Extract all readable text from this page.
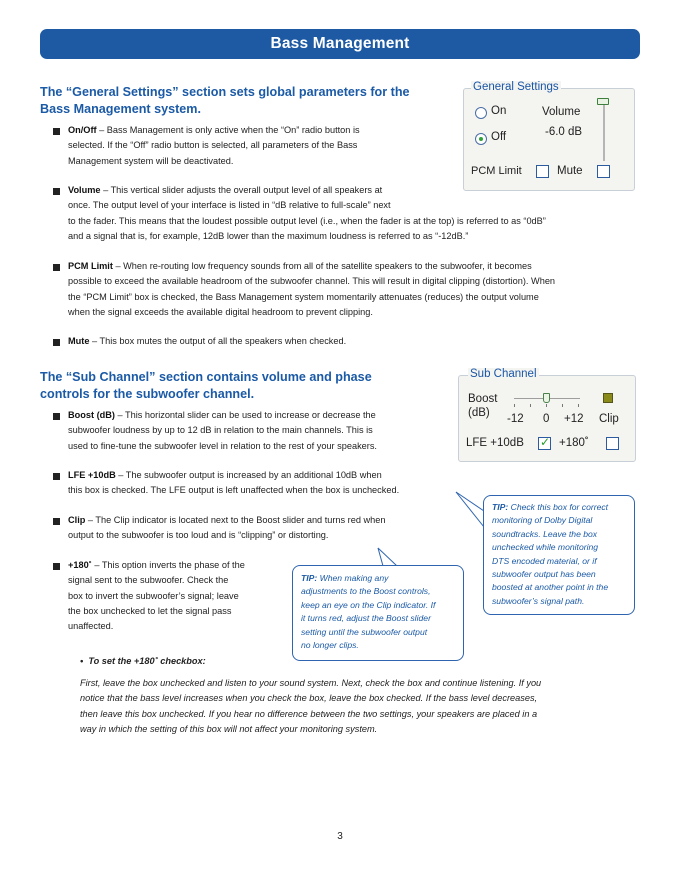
Bass Management
The “General Settings” section sets global parameters for the
Bass Management system.
General Settings
On
Off
Volume
-6.0 dB
PCM Limit	Mute
On/Off – Bass Management is only active when the “On” radio button is
selected. If the “Off” radio button is selected, all parameters of the Bass
Management system will be deactivated.
Volume – This vertical slider adjusts the overall output level of all speakers at
once. The output level of your interface is listed in “dB relative to full-scale” next
to the fader. This means that the loudest possible output level (i.e., when the fader is at the top) is referred to as “0dB”
and a signal that is, for example, 12dB lower than the maximum loudness is referred to as “-12dB.”
PCM Limit – When re-routing low frequency sounds from all of the satellite speakers to the subwoofer, it becomes
possible to exceed the available headroom of the subwoofer channel. This will result in digital clipping (distortion). When
the “PCM Limit” box is checked, the Bass Management system momentarily attenuates (reduces) the output volume
when the signal exceeds the available digital headroom to prevent clipping.
Mute – This box mutes the output of all the speakers when checked.
The “Sub Channel” section contains volume and phase
controls for the subwoofer channel.
Sub Channel
Boost
(dB) -12 0 +12 Clip
LFE +10dB
✓	+180˚
Boost (dB) – This horizontal slider can be used to increase or decrease the
subwoofer loudness by up to 12 dB in relation to the main channels. This is
used to fine-tune the subwoofer level in relation to the rest of your speakers.
LFE +10dB – The subwoofer output is increased by an additional 10dB when
this box is checked. The LFE output is left unaffected when the box is unchecked.
Clip – The Clip indicator is located next to the Boost slider and turns red when
output to the subwoofer is too loud and is “clipping” or distorting.
+180˚ – This option inverts the phase of the
signal sent to the subwoofer. Check the
box to invert the subwoofer’s signal; leave
the box unchecked to let the signal pass
unaffected.
TIP: Check this box for correct
monitoring of Dolby Digital
soundtracks. Leave the box
unchecked while monitoring
DTS encoded material, or if
subwoofer output has been
boosted at another point in the
subwoofer’s signal path.
TIP: When making any
adjustments to the Boost controls,
keep an eye on the Clip indicator. If
it turns red, adjust the Boost slider
setting until the subwoofer output
no longer clips.
•  To set the +180˚ checkbox:
First, leave the box unchecked and listen to your sound system. Next, check the box and continue listening. If you
notice that the bass level increases when you check the box, leave the box checked. If the bass level decreases,
then leave this box unchecked. If you hear no difference between the two settings, your speakers are placed in a
way in which the setting of this box will not affect your monitoring system.
3
